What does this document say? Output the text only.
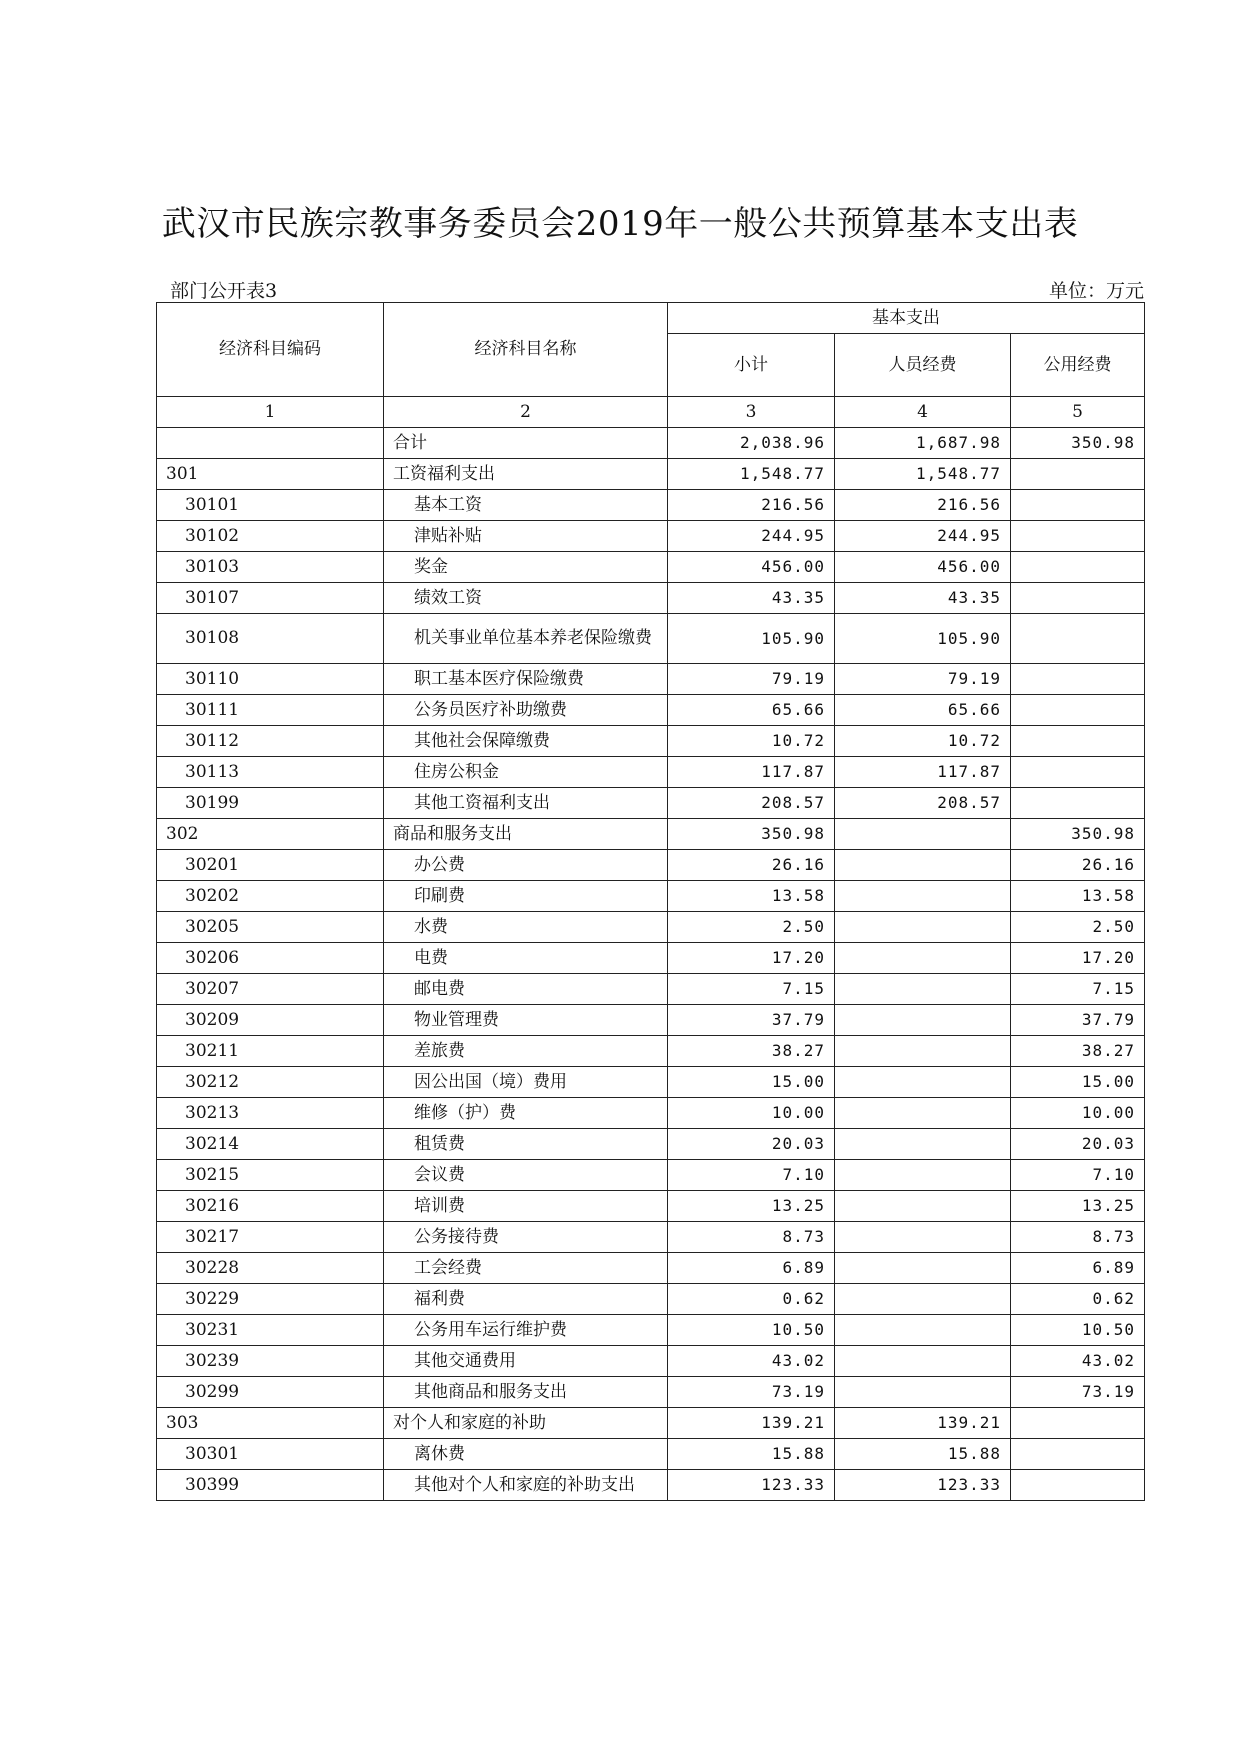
武汉市民族宗教事务委员会2019年一般公共预算基本支出表
部门公开表3	单位：万元
经济科目编码	经济科目名称	基本支出		
		小计	人员经费	公用经费
1	2	3	4	5
	合计	2,038.96	1,687.98	350.98
301	工资福利支出	1,548.77	1,548.77	
30101	基本工资	216.56	216.56	
30102	津贴补贴	244.95	244.95	
30103	奖金	456.00	456.00	
30107	绩效工资	43.35	43.35	
30108	机关事业单位基本养老保险缴费	105.90	105.90	
30110	职工基本医疗保险缴费	79.19	79.19	
30111	公务员医疗补助缴费	65.66	65.66	
30112	其他社会保障缴费	10.72	10.72	
30113	住房公积金	117.87	117.87	
30199	其他工资福利支出	208.57	208.57	
302	商品和服务支出	350.98		350.98
30201	办公费	26.16		26.16
30202	印刷费	13.58		13.58
30205	水费	2.50		2.50
30206	电费	17.20		17.20
30207	邮电费	7.15		7.15
30209	物业管理费	37.79		37.79
30211	差旅费	38.27		38.27
30212	因公出国（境）费用	15.00		15.00
30213	维修（护）费	10.00		10.00
30214	租赁费	20.03		20.03
30215	会议费	7.10		7.10
30216	培训费	13.25		13.25
30217	公务接待费	8.73		8.73
30228	工会经费	6.89		6.89
30229	福利费	0.62		0.62
30231	公务用车运行维护费	10.50		10.50
30239	其他交通费用	43.02		43.02
30299	其他商品和服务支出	73.19		73.19
303	对个人和家庭的补助	139.21	139.21	
30301	离休费	15.88	15.88	
30399	其他对个人和家庭的补助支出	123.33	123.33	
